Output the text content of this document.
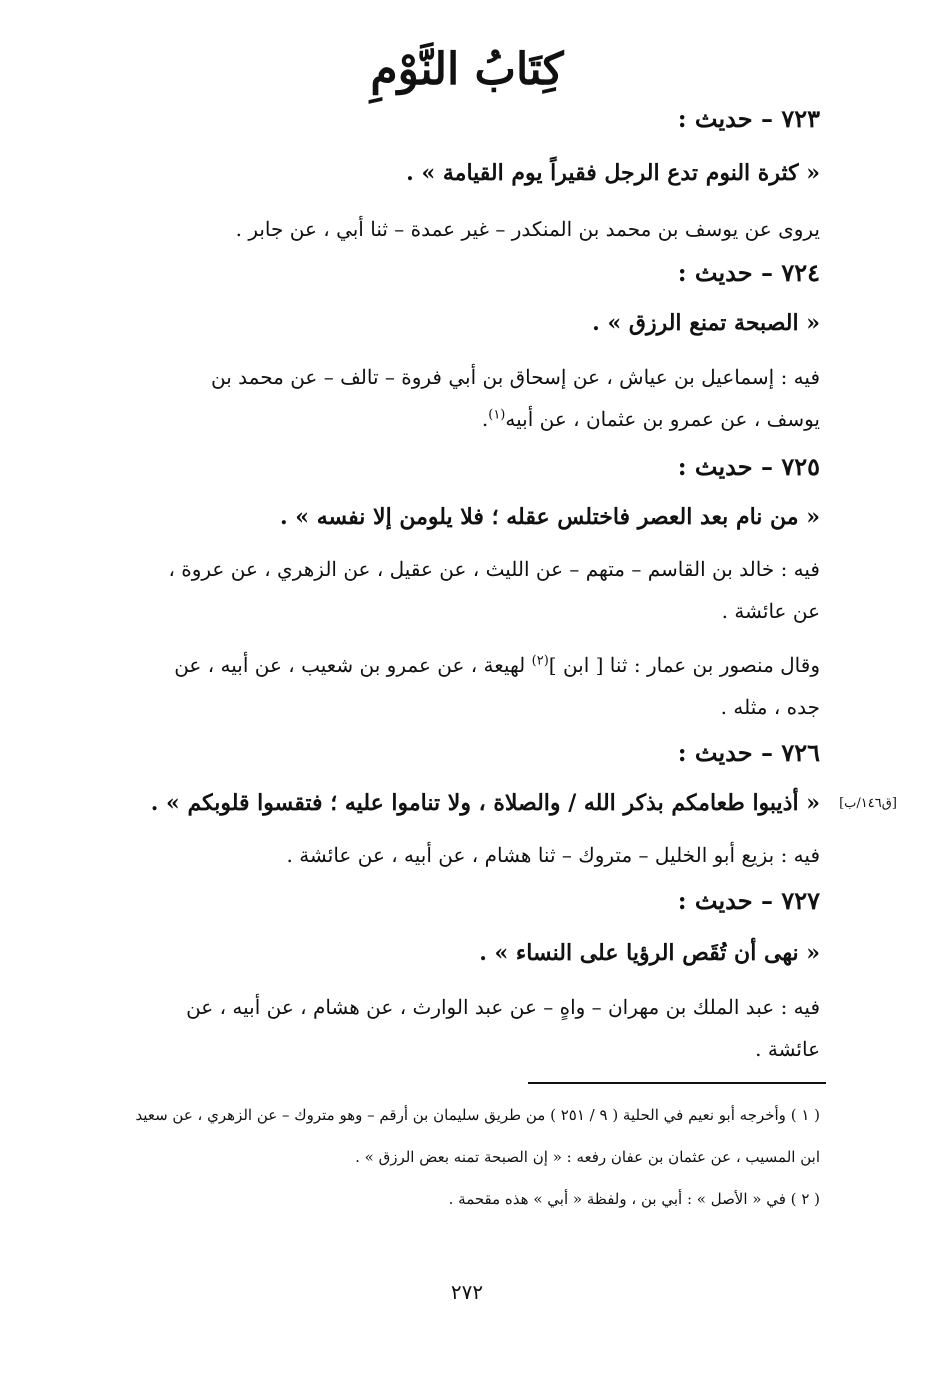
كِتَابُ النَّوْمِ
٧٢٣ – حديث :
« كثرة النوم تدع الرجل فقيراً يوم القيامة » .
يروى عن يوسف بن محمد بن المنكدر – غير عمدة – ثنا أبي ، عن جابر .
٧٢٤ – حديث :
« الصبحة تمنع الرزق » .
فيه : إسماعيل بن عياش ، عن إسحاق بن أبي فروة – تالف – عن محمد بن
يوسف ، عن عمرو بن عثمان ، عن أبيه$^{(١)}$.
٧٢٥ – حديث :
« من نام بعد العصر فاختلس عقله ؛ فلا يلومن إلا نفسه » .
فيه : خالد بن القاسم – متهم – عن الليث ، عن عقيل ، عن الزهري ، عن عروة ،
عن عائشة .
وقال منصور بن عمار : ثنا [ ابن ]$^{(٢)}$ لهيعة ، عن عمرو بن شعيب ، عن أبيه ، عن
جده ، مثله .
٧٢٦ – حديث :
[ق١٤٦/ب]
« أذيبوا طعامكم بذكر الله / والصلاة ، ولا تناموا عليه ؛ فتقسوا قلوبكم » .
فيه : بزيع أبو الخليل – متروك – ثنا هشام ، عن أبيه ، عن عائشة .
٧٢٧ – حديث :
« نهى أن تُقَص الرؤيا على النساء » .
فيه : عبد الملك بن مهران – واهٍ – عن عبد الوارث ، عن هشام ، عن أبيه ، عن
عائشة .
( ١ ) وأخرجه أبو نعيم في الحلية ( ٩ / ٢٥١ ) من طريق سليمان بن أرقم – وهو متروك – عن الزهري ، عن سعيد
ابن المسيب ، عن عثمان بن عفان رفعه : « إن الصبحة تمنه بعض الرزق » .
( ٢ ) في « الأصل » : أبي بن ، ولفظة « أبي » هذه مقحمة .
٢٧٢
